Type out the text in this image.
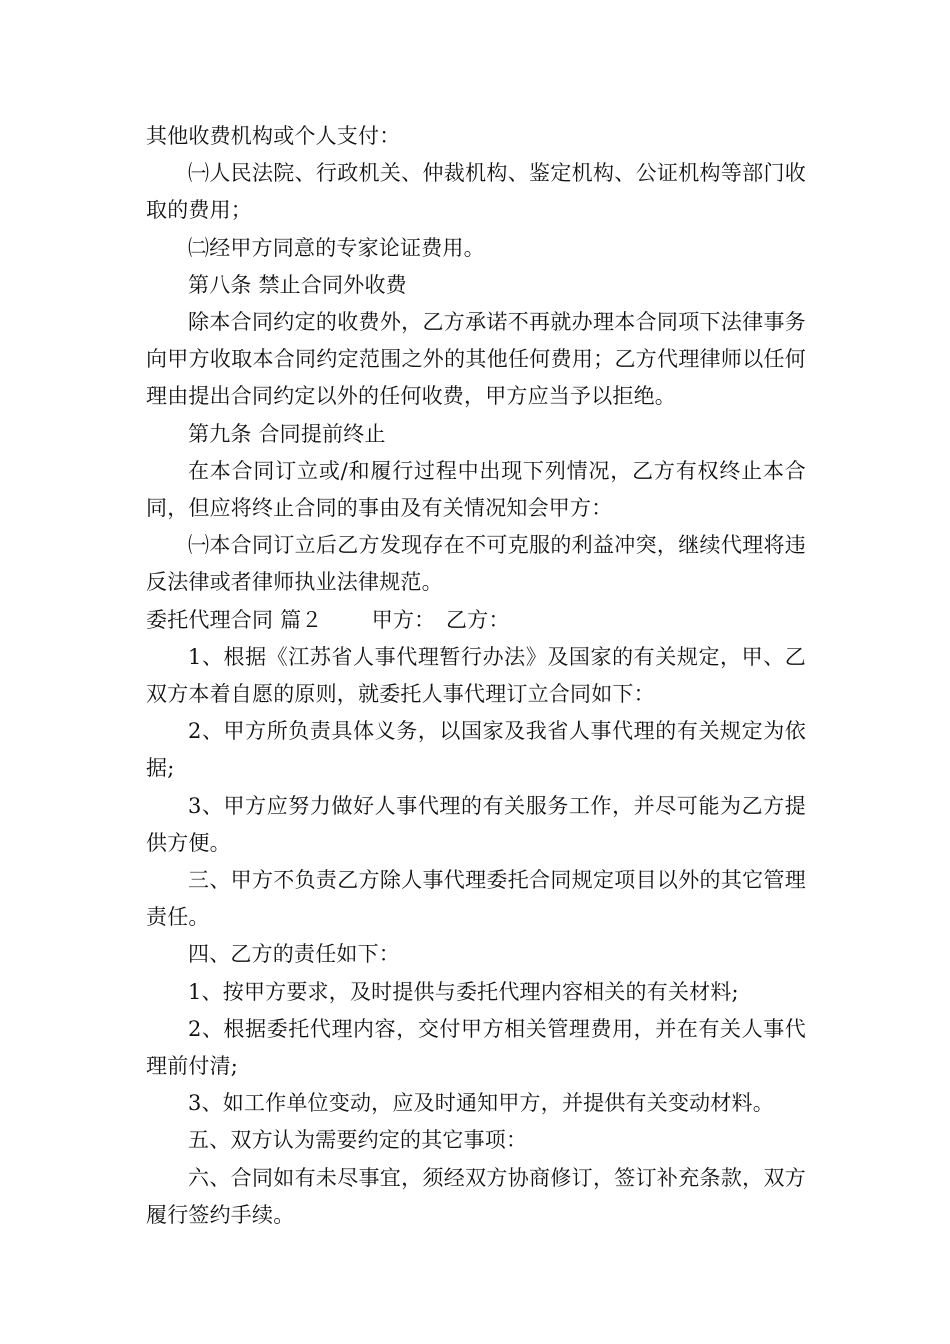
其他收费机构或个人支付：

㈠人民法院、行政机关、仲裁机构、鉴定机构、公证机构等部门收取的费用；

㈡经甲方同意的专家论证费用。

第八条 禁止合同外收费

除本合同约定的收费外，乙方承诺不再就办理本合同项下法律事务向甲方收取本合同约定范围之外的其他任何费用；乙方代理律师以任何理由提出合同约定以外的任何收费，甲方应当予以拒绝。

第九条 合同提前终止

在本合同订立或/和履行过程中出现下列情况，乙方有权终止本合同，但应将终止合同的事由及有关情况知会甲方：

㈠本合同订立后乙方发现存在不可克服的利益冲突，继续代理将违反法律或者律师执业法律规范。

委托代理合同 篇２　　 甲方：　乙方：

1、根据《江苏省人事代理暂行办法》及国家的有关规定，甲、乙双方本着自愿的原则，就委托人事代理订立合同如下：

2、甲方所负责具体义务，以国家及我省人事代理的有关规定为依据;

3、甲方应努力做好人事代理的有关服务工作，并尽可能为乙方提供方便。

三、甲方不负责乙方除人事代理委托合同规定项目以外的其它管理责任。

四、乙方的责任如下：

1、按甲方要求，及时提供与委托代理内容相关的有关材料;

2、根据委托代理内容，交付甲方相关管理费用，并在有关人事代理前付清;

3、如工作单位变动，应及时通知甲方，并提供有关变动材料。

五、双方认为需要约定的其它事项：

六、合同如有未尽事宜，须经双方协商修订，签订补充条款，双方履行签约手续。
